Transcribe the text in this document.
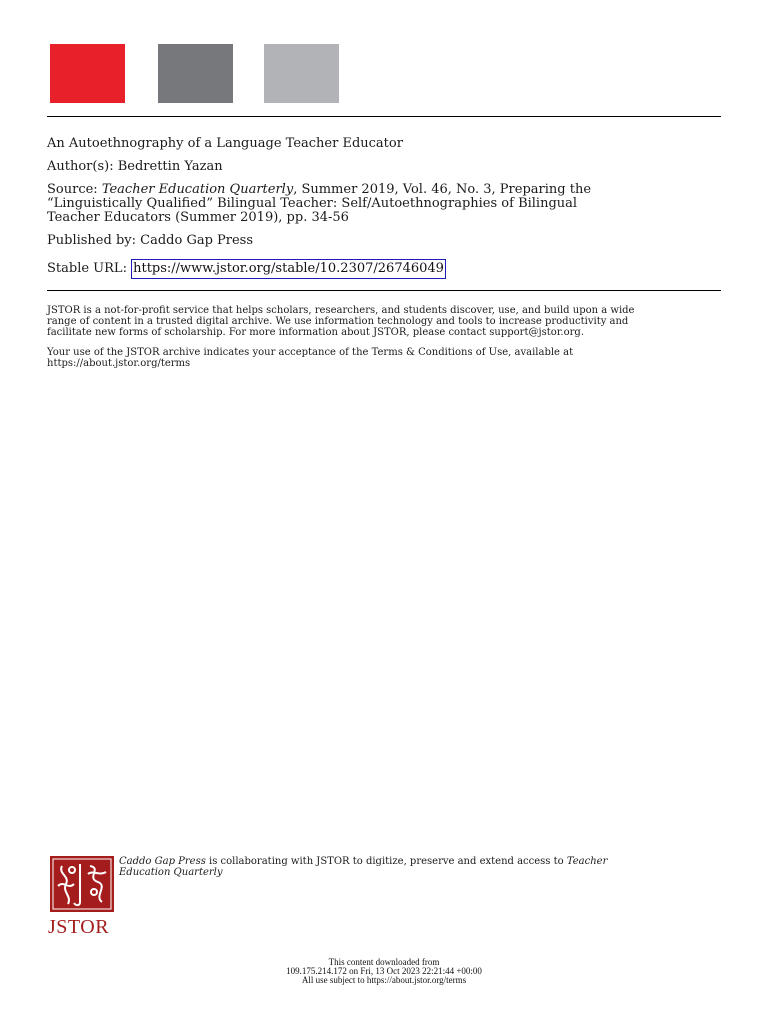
An Autoethnography of a Language Teacher Educator
Author(s): Bedrettin Yazan
Source: Teacher Education Quarterly, Summer 2019, Vol. 46, No. 3, Preparing the
“Linguistically Qualified” Bilingual Teacher: Self/Autoethnographies of Bilingual
Teacher Educators (Summer 2019), pp. 34-56
Published by: Caddo Gap Press
Stable URL: https://www.jstor.org/stable/10.2307/26746049
JSTOR is a not-for-profit service that helps scholars, researchers, and students discover, use, and build upon a wide
range of content in a trusted digital archive. We use information technology and tools to increase productivity and
facilitate new forms of scholarship. For more information about JSTOR, please contact support@jstor.org.
Your use of the JSTOR archive indicates your acceptance of the Terms & Conditions of Use, available at
https://about.jstor.org/terms
JSTOR
Caddo Gap Press is collaborating with JSTOR to digitize, preserve and extend access to Teacher
Education Quarterly
This content downloaded from
109.175.214.172 on Fri, 13 Oct 2023 22:21:44 +00:00
All use subject to https://about.jstor.org/terms
